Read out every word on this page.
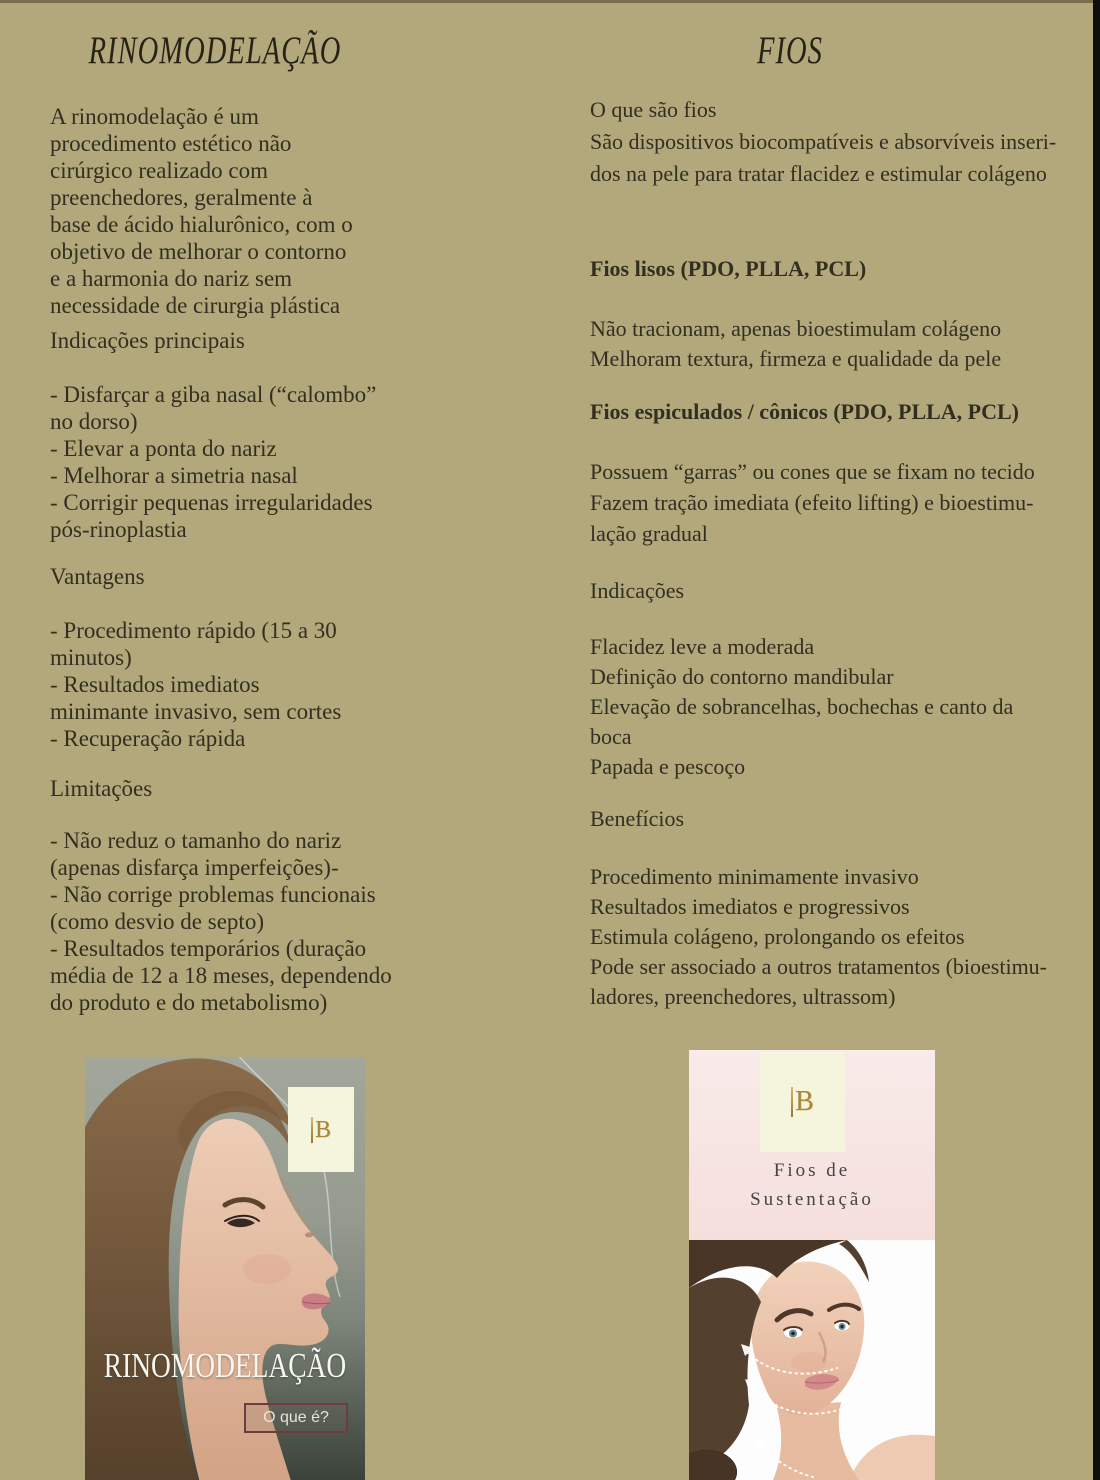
RINOMODELAÇÃO
A rinomodelação é um
procedimento estético não
cirúrgico realizado com
preenchedores, geralmente à
base de ácido hialurônico, com o
objetivo de melhorar o contorno
e a harmonia do nariz sem
necessidade de cirurgia plástica
Indicações principais
- Disfarçar a giba nasal (“calombo”
no dorso)
- Elevar a ponta do nariz
- Melhorar a simetria nasal
- Corrigir pequenas irregularidades
pós-rinoplastia
Vantagens
- Procedimento rápido (15 a 30
minutos)
- Resultados imediatos
minimante invasivo, sem cortes
- Recuperação rápida
Limitações
- Não reduz o tamanho do nariz
(apenas disfarça imperfeições)-
- Não corrige problemas funcionais
(como desvio de septo)
- Resultados temporários (duração
média de 12 a 18 meses, dependendo
do produto e do metabolismo)
FIOS
O que são fios
São dispositivos biocompatíveis e absorvíveis inseri-
dos na pele para tratar flacidez e estimular colágeno
Fios lisos (PDO, PLLA, PCL)
Não tracionam, apenas bioestimulam colágeno
Melhoram textura, firmeza e qualidade da pele
Fios espiculados / cônicos (PDO, PLLA, PCL)
Possuem “garras” ou cones que se fixam no tecido
Fazem tração imediata (efeito lifting) e bioestimu-
lação gradual
Indicações
Flacidez leve a moderada
Definição do contorno mandibular
Elevação de sobrancelhas, bochechas e canto da
boca
Papada e pescoço
Benefícios
Procedimento minimamente invasivo
Resultados imediatos e progressivos
Estimula colágeno, prolongando os efeitos
Pode ser associado a outros tratamentos (bioestimu-
ladores, preenchedores, ultrassom)
B
RINOMODELAÇÃO
O que é?
B
Fios de
Sustentação
